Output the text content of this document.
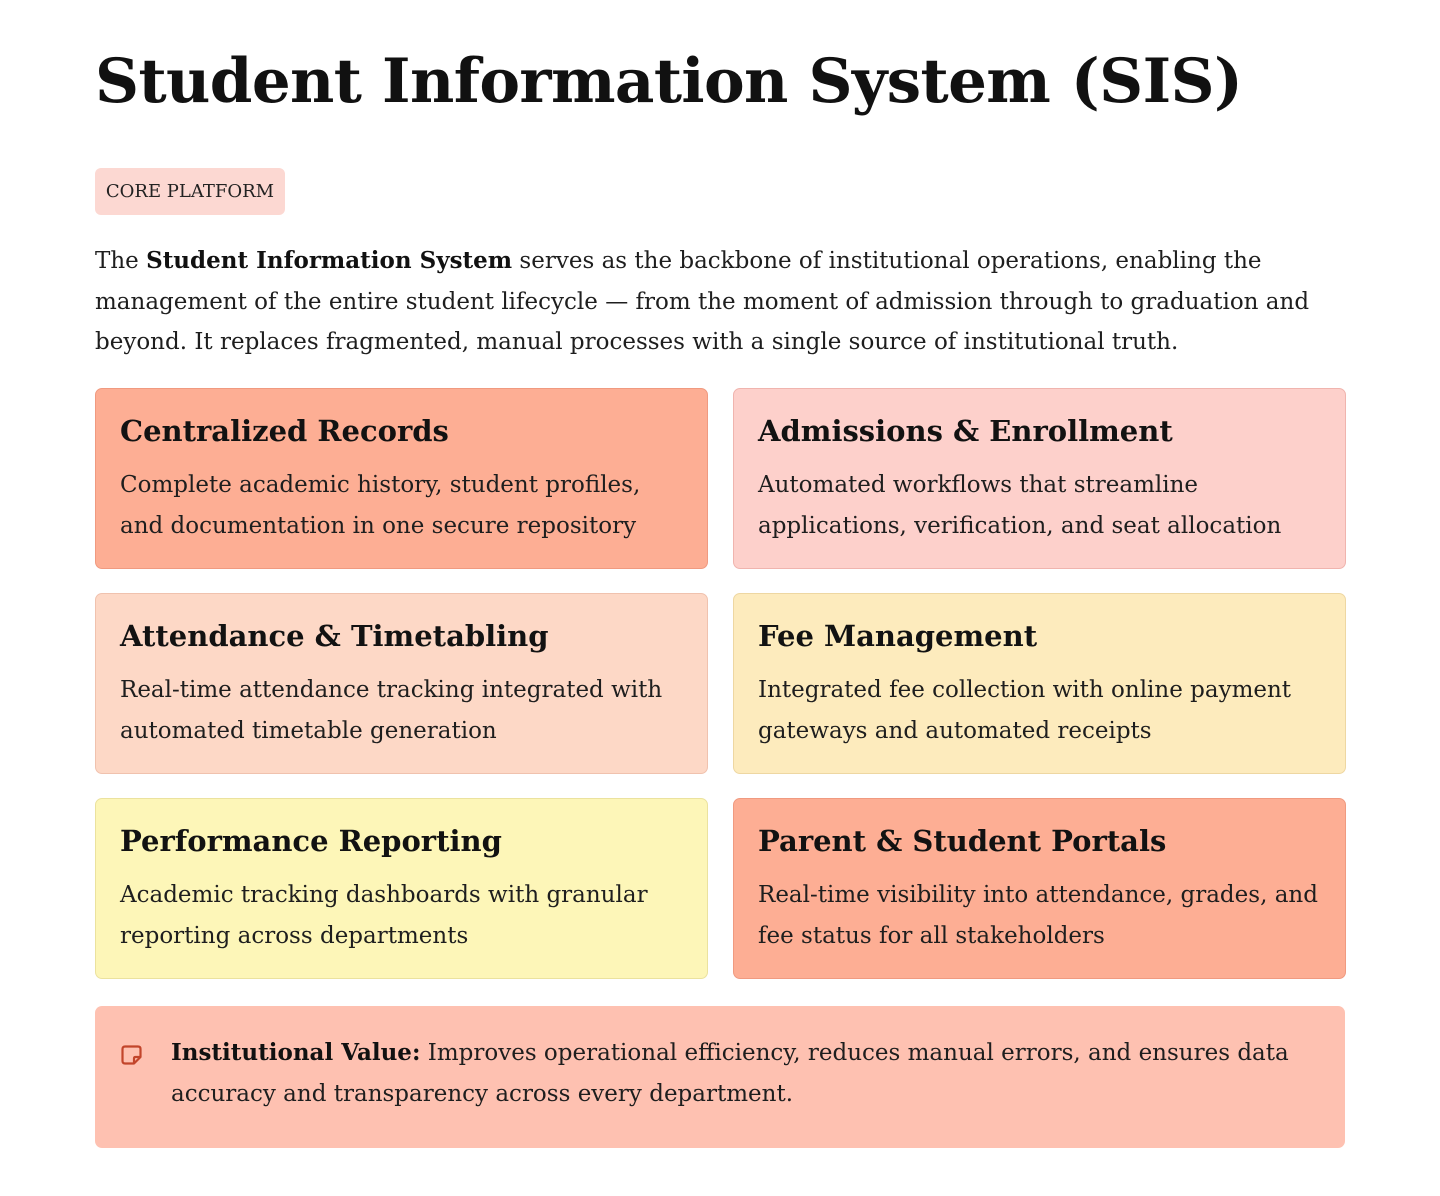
Student Information System (SIS)
CORE PLATFORM

The Student Information System serves as the backbone of institutional operations, enabling the management of the entire student lifecycle — from the moment of admission through to graduation and beyond. It replaces fragmented, manual processes with a single source of institutional truth.

Centralized Records

Complete academic history, student profiles, and documentation in one secure repository

Admissions & Enrollment

Automated workflows that streamline applications, verification, and seat allocation

Attendance & Timetabling

Real-time attendance tracking integrated with automated timetable generation

Fee Management

Integrated fee collection with online payment gateways and automated receipts

Performance Reporting

Academic tracking dashboards with granular reporting across departments

Parent & Student Portals

Real-time visibility into attendance, grades, and fee status for all stakeholders

Institutional Value: Improves operational efficiency, reduces manual errors, and ensures data accuracy and transparency across every department.
